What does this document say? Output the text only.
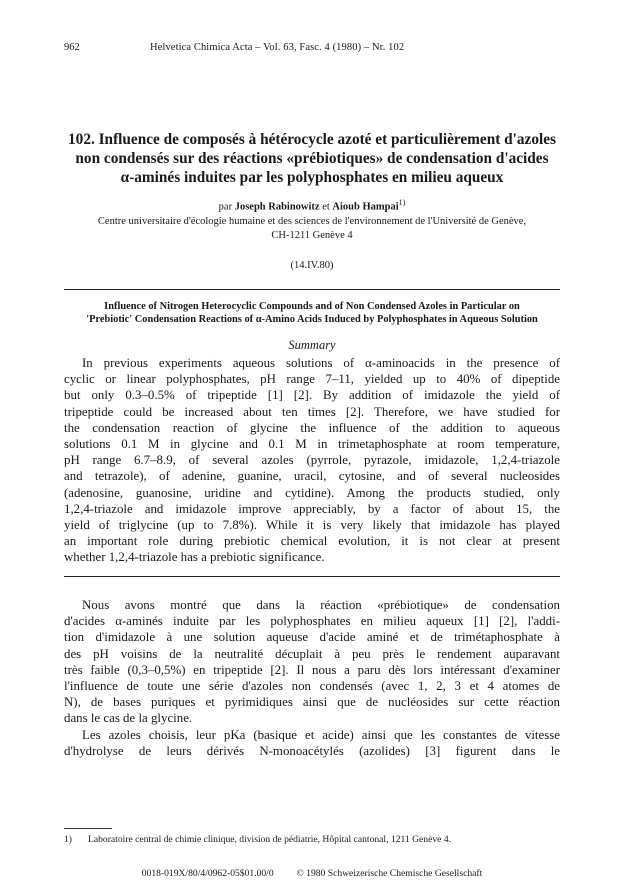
962	Helvetica Chimica Acta – Vol. 63, Fasc. 4 (1980) – Nr. 102
102. Influence de composés à hétérocycle azoté et particulièrement d'azoles
non condensés sur des réactions «prébiotiques» de condensation d'acides
α-aminés induites par les polyphosphates en milieu aqueux
par Joseph Rabinowitz et Aioub Hampai$^{1)}$
Centre universitaire d'écologie humaine et des sciences de l'environnement de l'Université de Genève,
CH-1211 Genève 4
(14.IV.80)
Influence of Nitrogen Heterocyclic Compounds and of Non Condensed Azoles in Particular on
'Prebiotic' Condensation Reactions of α-Amino Acids Induced by Polyphosphates in Aqueous Solution
Summary
In previous experiments aqueous solutions of α-aminoacids in the presence of
cyclic or linear polyphosphates, pH range 7–11, yielded up to 40% of dipeptide
but only 0.3–0.5% of tripeptide [1] [2]. By addition of imidazole the yield of
tripeptide could be increased about ten times [2]. Therefore, we have studied for
the condensation reaction of glycine the influence of the addition to aqueous
solutions 0.1 M in glycine and 0.1 M in trimetaphosphate at room temperature,
pH range 6.7–8.9, of several azoles (pyrrole, pyrazole, imidazole, 1,2,4-triazole
and tetrazole), of adenine, guanine, uracil, cytosine, and of several nucleosides
(adenosine, guanosine, uridine and cytidine). Among the products studied, only
1,2,4-triazole and imidazole improve appreciably, by a factor of about 15, the
yield of triglycine (up to 7.8%). While it is very likely that imidazole has played
an important role during prebiotic chemical evolution, it is not clear at present
whether 1,2,4-triazole has a prebiotic significance.
Nous avons montré que dans la réaction «prébiotique» de condensation
d'acides α-aminés induite par les polyphosphates en milieu aqueux [1] [2], l'addi-
tion d'imidazole à une solution aqueuse d'acide aminé et de trimétaphosphate à
des pH voisins de la neutralité décuplait à peu près le rendement auparavant
très faible (0,3–0,5%) en tripeptide [2]. Il nous a paru dès lors intéressant d'examiner
l'influence de toute une série d'azoles non condensés (avec 1, 2, 3 et 4 atomes de
N), de bases puriques et pyrimidiques ainsi que de nucléosides sur cette réaction
dans le cas de la glycine.
Les azoles choisis, leur pKa (basique et acide) ainsi que les constantes de vitesse
d'hydrolyse de leurs dérivés N-monoacétylés (azolides) [3] figurent dans le
1) Laboratoire central de chimie clinique, division de pédiatrie, Hôpital cantonal, 1211 Genève 4.
0018-019X/80/4/0962-05$01.00/0 © 1980 Schweizerische Chemische Gesellschaft
